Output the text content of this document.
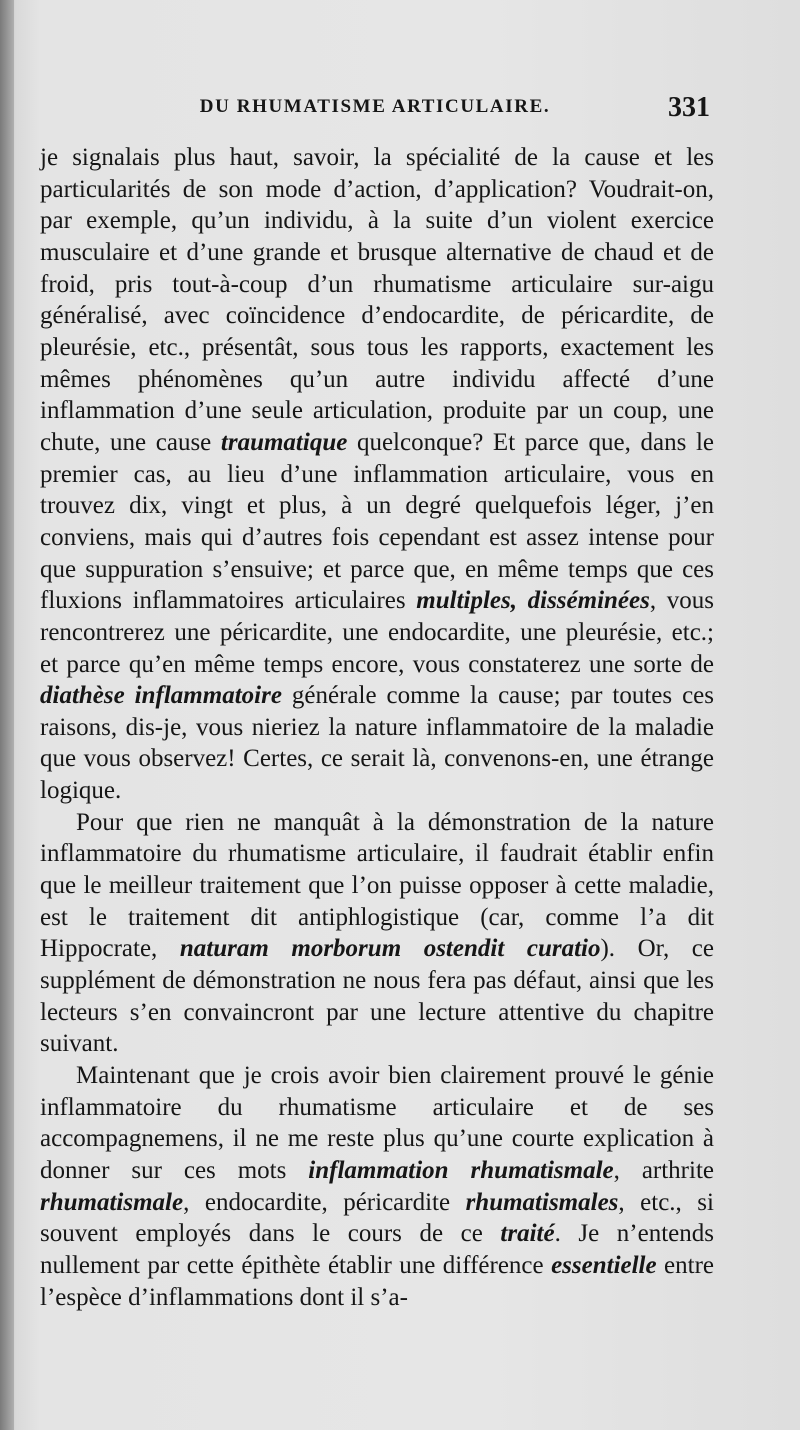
DU RHUMATISME ARTICULAIRE.	331

je signalais plus haut, savoir, la spécialité de la cause et les particularités de son mode d’action, d’application? Voudrait-on, par exemple, qu’un individu, à la suite d’un violent exercice musculaire et d’une grande et brusque alternative de chaud et de froid, pris tout-à-coup d’un rhumatisme articulaire sur-aigu généralisé, avec coïncidence d’endocardite, de péricardite, de pleurésie, etc., présentât, sous tous les rapports, exactement les mêmes phénomènes qu’un autre individu affecté d’une inflammation d’une seule articulation, produite par un coup, une chute, une cause traumatique quelconque? Et parce que, dans le premier cas, au lieu d’une inflammation articulaire, vous en trouvez dix, vingt et plus, à un degré quelquefois léger, j’en conviens, mais qui d’autres fois cependant est assez intense pour que suppuration s’ensuive; et parce que, en même temps que ces fluxions inflammatoires articulaires multiples, disséminées, vous rencontrerez une péricardite, une endocardite, une pleurésie, etc.; et parce qu’en même temps encore, vous constaterez une sorte de diathèse inflammatoire générale comme la cause; par toutes ces raisons, dis-je, vous nieriez la nature inflammatoire de la maladie que vous observez! Certes, ce serait là, convenons-en, une étrange logique.

Pour que rien ne manquât à la démonstration de la nature inflammatoire du rhumatisme articulaire, il faudrait établir enfin que le meilleur traitement que l’on puisse opposer à cette maladie, est le traitement dit antiphlogistique (car, comme l’a dit Hippocrate, naturam morborum ostendit curatio). Or, ce supplément de démonstration ne nous fera pas défaut, ainsi que les lecteurs s’en convaincront par une lecture attentive du chapitre suivant.

Maintenant que je crois avoir bien clairement prouvé le génie inflammatoire du rhumatisme articulaire et de ses accompagnemens, il ne me reste plus qu’une courte explication à donner sur ces mots inflammation rhumatismale, arthrite rhumatismale, endocardite, péricardite rhumatismales, etc., si souvent employés dans le cours de ce traité. Je n’entends nullement par cette épithète établir une différence essentielle entre l’espèce d’inflammations dont il s’a-
